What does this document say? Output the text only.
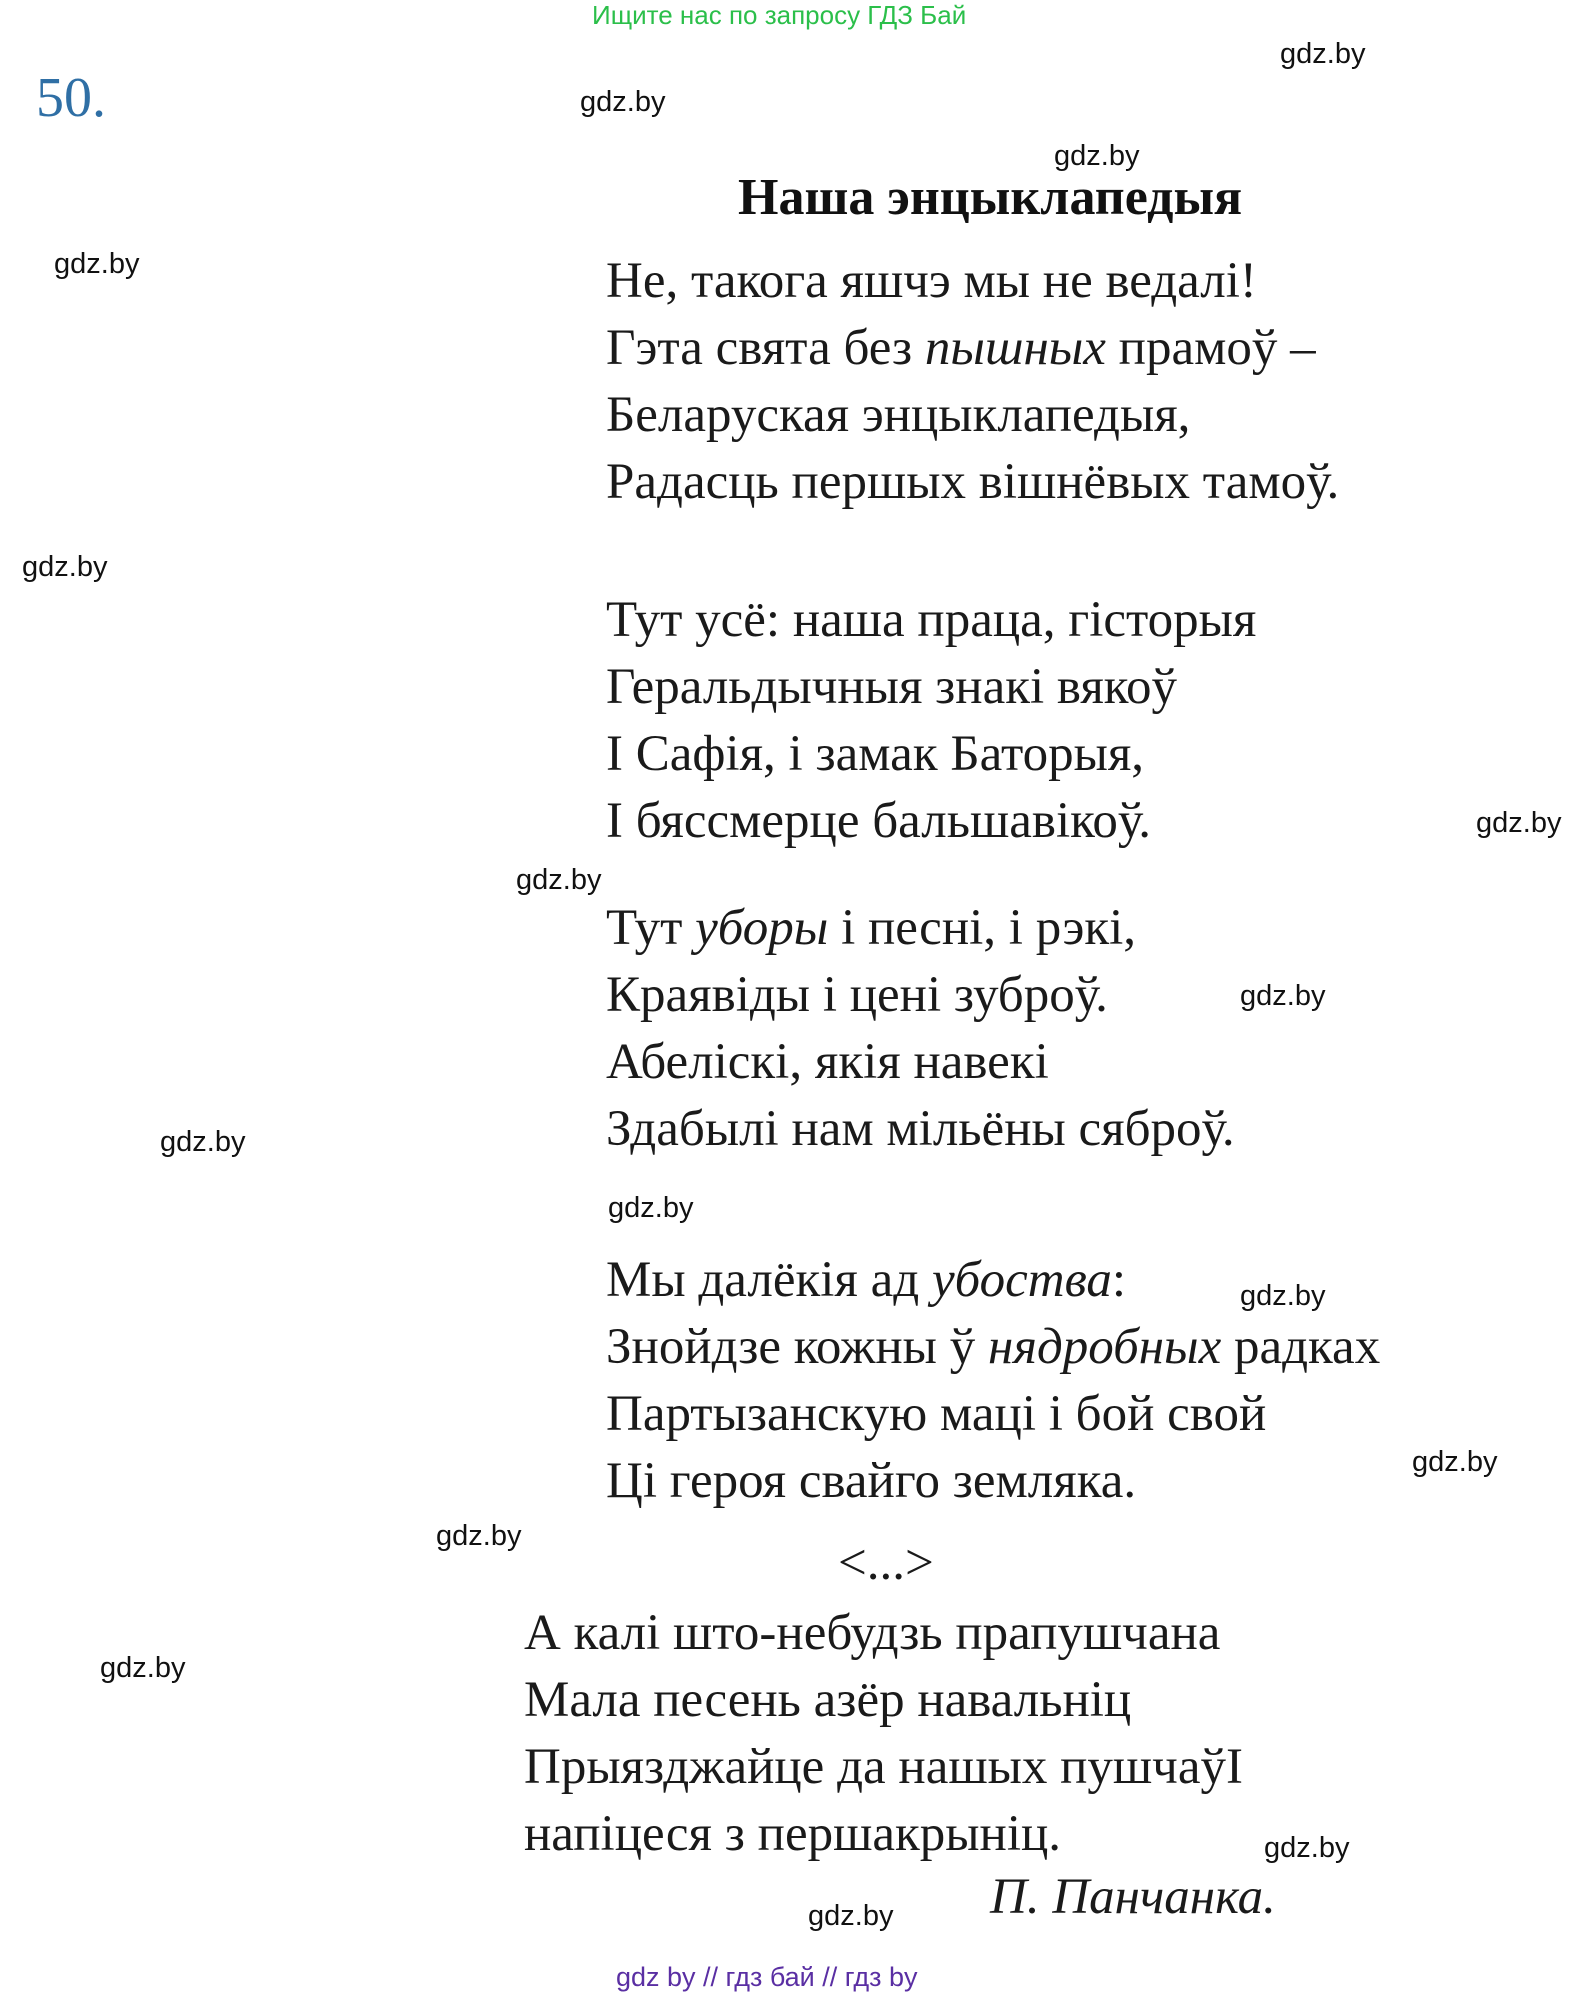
Ищите нас по запросу ГДЗ Бай
50.
Наша энцыклапедыя
gdz.by
gdz.by
gdz.by
gdz.by
gdz.by
gdz.by
gdz.by
gdz.by
gdz.by
gdz.by
gdz.by
gdz.by
gdz.by
gdz.by
gdz.by
gdz.by
Не, такога яшчэ мы не ведалі!
Гэта свята без пышных прамоў –
Беларуская энцыклапедыя,
Радасць першых вішнёвых тамоў.
Тут усё: наша праца, гісторыя
Геральдычныя знакі вякоў
І Сафія, і замак Баторыя,
І бяссмерце бальшавікоў.
Тут уборы і песні, і рэкі,
Краявіды і цені зуброў.
Абеліскі, якія навекі
Здабылі нам мільёны сяброў.
Мы далёкія ад убоства:
Знойдзе кожны ў нядробных радках
Партызанскую маці і бой свой
Ці героя свайго земляка.
А калі што-небудзь прапушчана
Мала песень азёр навальніц
Прыязджайце да нашых пушчаўІ
напіцеся з першакрыніц.
<...>
П. Панчанка.
gdz by // гдз бай // гдз by
